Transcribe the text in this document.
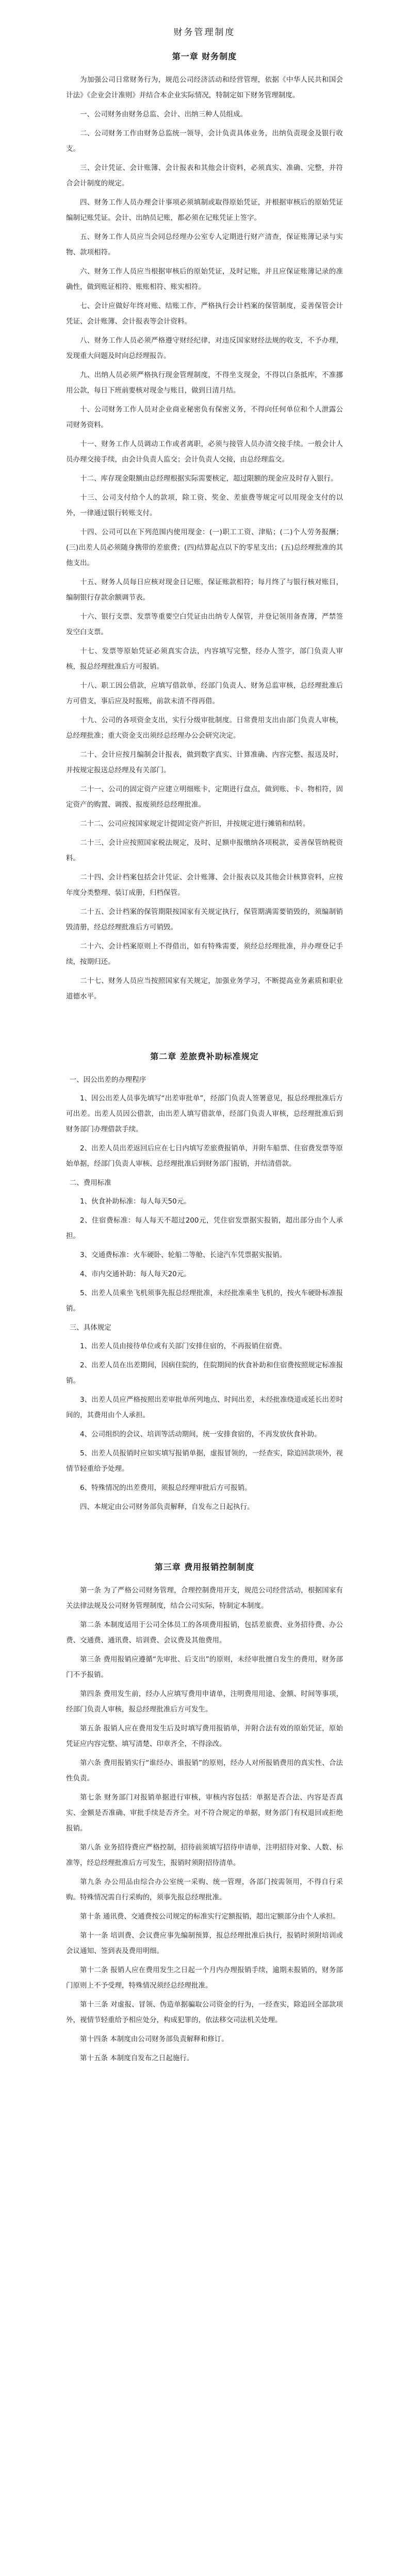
财务管理制度
第一章 财务制度

为加强公司日常财务行为，规范公司经济活动和经营管理，依据《中华人民共和国会计法》《企业会计准则》并结合本企业实际情况，特制定如下财务管理制度。

一、公司财务由财务总监、会计、出纳三种人员组成。

二、公司财务工作由财务总监统一领导，会计负责具体业务，出纳负责现金及银行收支。

三、会计凭证、会计账簿、会计报表和其他会计资料，必须真实、准确、完整，并符合会计制度的规定。

四、财务工作人员办理会计事项必须填制或取得原始凭证，并根据审核后的原始凭证编制记账凭证。会计、出纳员记账，都必须在记账凭证上签字。

五、财务工作人员应当会同总经理办公室专人定期进行财产清查，保证账簿记录与实物、款项相符。

六、财务工作人员应当根据审核后的原始凭证，及时记账，并且应保证账簿记录的准确性，做到账证相符、账账相符、账实相符。

七、会计应做好年终对账、结账工作，严格执行会计档案的保管制度，妥善保管会计凭证、会计账簿、会计报表等会计资料。

八、财务工作人员必须严格遵守财经纪律，对违反国家财经法规的收支，不予办理，发现重大问题及时向总经理报告。

九、出纳人员必须严格执行现金管理制度，不得坐支现金，不得以白条抵库，不准挪用公款，每日下班前要核对现金与账目，做到日清月结。

十、公司财务工作人员对企业商业秘密负有保密义务，不得向任何单位和个人泄露公司财务资料。

十一、财务工作人员调动工作或者离职，必须与接管人员办清交接手续。一般会计人员办理交接手续，由会计负责人监交；会计负责人交接，由总经理监交。

十二、库存现金限额由总经理根据实际需要核定，超过限额的现金应及时存入银行。

十三、公司支付给个人的款项，除工资、奖金、差旅费等规定可以用现金支付的以外，一律通过银行转账支付。

十四、公司可以在下列范围内使用现金：(一)职工工资、津贴；(二)个人劳务报酬；(三)出差人员必须随身携带的差旅费；(四)结算起点以下的零星支出；(五)总经理批准的其他支出。

十五、财务人员每日应核对现金日记账，保证账款相符；每月终了与银行核对账目，编制银行存款余额调节表。

十六、银行支票、发票等重要空白凭证由出纳专人保管，并登记领用备查簿，严禁签发空白支票。

十七、发票等原始凭证必须真实合法，内容填写完整，经办人签字，部门负责人审核，报总经理批准后方可报销。

十八、职工因公借款，应填写借款单，经部门负责人、财务总监审核，总经理批准后方可借支，事后应及时报账，前款未清不得再借。

十九、公司的各项资金支出，实行分级审批制度。日常费用支出由部门负责人审核，总经理批准；重大资金支出须经总经理办公会研究决定。

二十、会计应按月编制会计报表，做到数字真实、计算准确、内容完整、报送及时，并按规定报送总经理及有关部门。

二十一、公司的固定资产应建立明细账卡，定期进行盘点，做到账、卡、物相符，固定资产的购置、调拨、报废须经总经理批准。

二十二、公司应按国家规定计提固定资产折旧，并按规定进行摊销和结转。

二十三、会计应按照国家税法规定，及时、足额申报缴纳各项税款，妥善保管纳税资料。

二十四、会计档案包括会计凭证、会计账簿、会计报表以及其他会计核算资料，应按年度分类整理、装订成册，归档保管。

二十五、会计档案的保管期限按国家有关规定执行，保管期满需要销毁的，须编制销毁清册，经总经理批准后方可销毁。

二十六、会计档案原则上不得借出，如有特殊需要，须经总经理批准，并办理登记手续，按期归还。

二十七、财务人员应当按照国家有关规定，加强业务学习，不断提高业务素质和职业道德水平。

第二章 差旅费补助标准规定

一、因公出差的办理程序

1、因公出差人员事先填写“出差审批单”，经部门负责人签署意见，报总经理批准后方可出差。出差人员因公借款，由出差人填写借款单，经部门负责人审核，总经理批准后到财务部门办理借款手续。

2、出差人员出差返回后应在七日内填写差旅费报销单，并附车船票、住宿费发票等原始单据，经部门负责人审核、总经理批准后到财务部门报销，并结清借款。

二、费用标准

1、伙食补助标准：每人每天50元。

2、住宿费标准：每人每天不超过200元，凭住宿发票据实报销，超出部分由个人承担。

3、交通费标准：火车硬卧、轮船二等舱、长途汽车凭票据实报销。

4、市内交通补助：每人每天20元。

5、出差人员乘坐飞机须事先报总经理批准，未经批准乘坐飞机的，按火车硬卧标准报销。

三、具体规定

1、出差人员由接待单位或有关部门安排住宿的，不再报销住宿费。

2、出差人员在出差期间，因病住院的，住院期间的伙食补助和住宿费按照规定标准报销。

3、出差人员应严格按照出差审批单所列地点、时间出差，未经批准绕道或延长出差时间的，其费用由个人承担。

4、公司组织的会议、培训等活动期间，统一安排食宿的，不再发放伙食补助。

5、出差人员报销时应如实填写报销单据，虚报冒领的，一经查实，除追回款项外，视情节轻重给予处理。

6、特殊情况的出差费用，须报总经理审批后方可报销。

四、本规定由公司财务部负责解释，自发布之日起执行。

第三章 费用报销控制制度

第一条 为了严格公司财务管理，合理控制费用开支，规范公司经营活动，根据国家有关法律法规及公司财务管理制度，结合公司实际，特制定本制度。

第二条 本制度适用于公司全体员工的各项费用报销，包括差旅费、业务招待费、办公费、交通费、通讯费、培训费、会议费及其他费用。

第三条 费用报销应遵循“先审批、后支出”的原则，未经审批擅自发生的费用，财务部门不予报销。

第四条 费用发生前，经办人应填写费用申请单，注明费用用途、金额、时间等事项，经部门负责人审核，报总经理批准后方可发生。

第五条 报销人应在费用发生后及时填写费用报销单，并附合法有效的原始凭证，原始凭证应内容完整、填写清楚、印章齐全，不得涂改。

第六条 费用报销实行“谁经办、谁报销”的原则，经办人对所报销费用的真实性、合法性负责。

第七条 财务部门对报销单据进行审核，审核内容包括：单据是否合法、内容是否真实、金额是否准确、审批手续是否齐全。对不符合规定的单据，财务部门有权退回或拒绝报销。

第八条 业务招待费应严格控制，招待前须填写招待申请单，注明招待对象、人数、标准等，经总经理批准后方可发生，报销时须附招待清单。

第九条 办公用品由综合办公室统一采购、统一管理，各部门按需领用，不得自行采购。特殊情况需自行采购的，须事先报总经理批准。

第十条 通讯费、交通费按公司规定的标准实行定额报销，超出定额部分由个人承担。

第十一条 培训费、会议费应事先编制预算，报总经理批准后执行，报销时须附培训或会议通知、签到表及费用明细。

第十二条 报销人应在费用发生之日起一个月内办理报销手续，逾期未报销的，财务部门原则上不予受理，特殊情况须经总经理批准。

第十三条 对虚报、冒领、伪造单据骗取公司资金的行为，一经查实，除追回全部款项外，视情节轻重给予相应处分，构成犯罪的，依法移交司法机关处理。

第十四条 本制度由公司财务部负责解释和修订。

第十五条 本制度自发布之日起施行。
